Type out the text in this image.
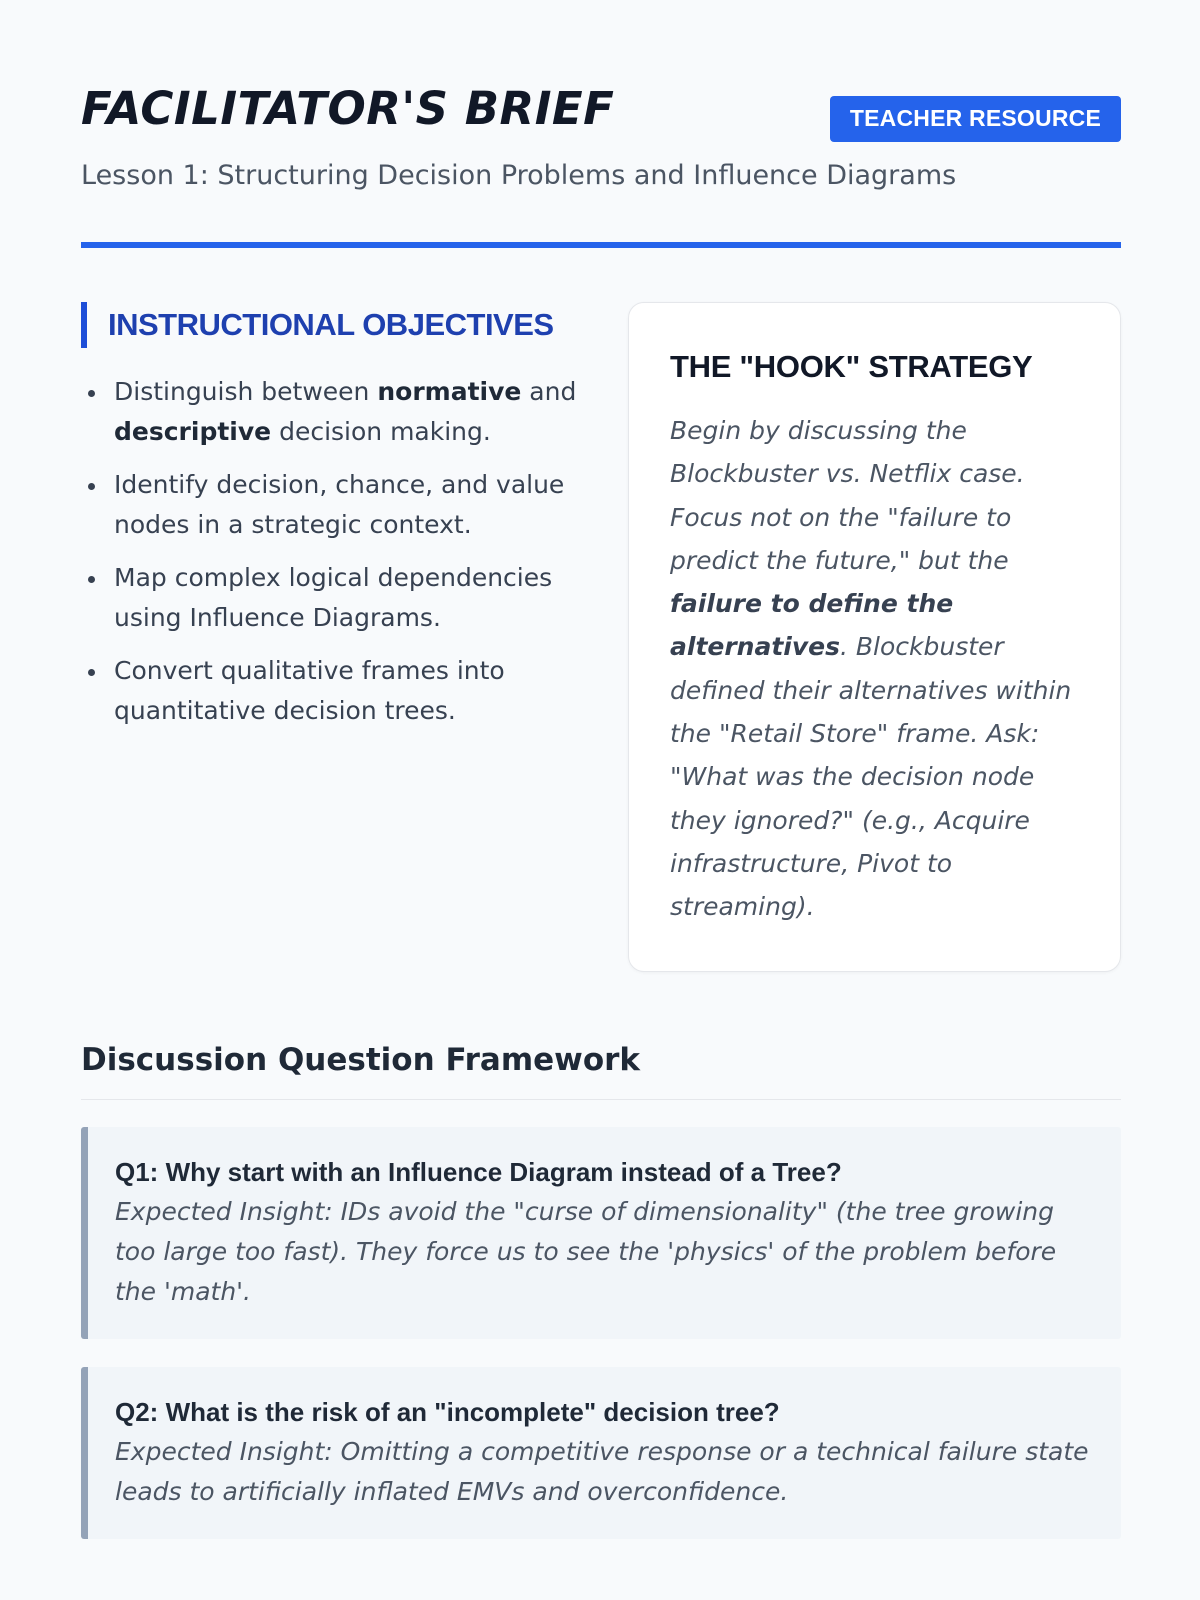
FACILITATOR'S BRIEF	TEACHER RESOURCE
Lesson 1: Structuring Decision Problems and Influence Diagrams
INSTRUCTIONAL OBJECTIVES
Distinguish between normative and descriptive decision making.
Identify decision, chance, and value nodes in a strategic context.
Map complex logical dependencies using Influence Diagrams.
Convert qualitative frames into quantitative decision trees.
THE "HOOK" STRATEGY

Begin by discussing the Blockbuster vs. Netflix case. Focus not on the "failure to predict the future," but the failure to define the alternatives. Blockbuster defined their alternatives within the "Retail Store" frame. Ask: "What was the decision node they ignored?" (e.g., Acquire infrastructure, Pivot to streaming).

Discussion Question Framework
Q1: Why start with an Influence Diagram instead of a Tree?
Expected Insight: IDs avoid the "curse of dimensionality" (the tree growing too large too fast). They force us to see the 'physics' of the problem before the 'math'.
Q2: What is the risk of an "incomplete" decision tree?
Expected Insight: Omitting a competitive response or a technical failure state leads to artificially inflated EMVs and overconfidence.
